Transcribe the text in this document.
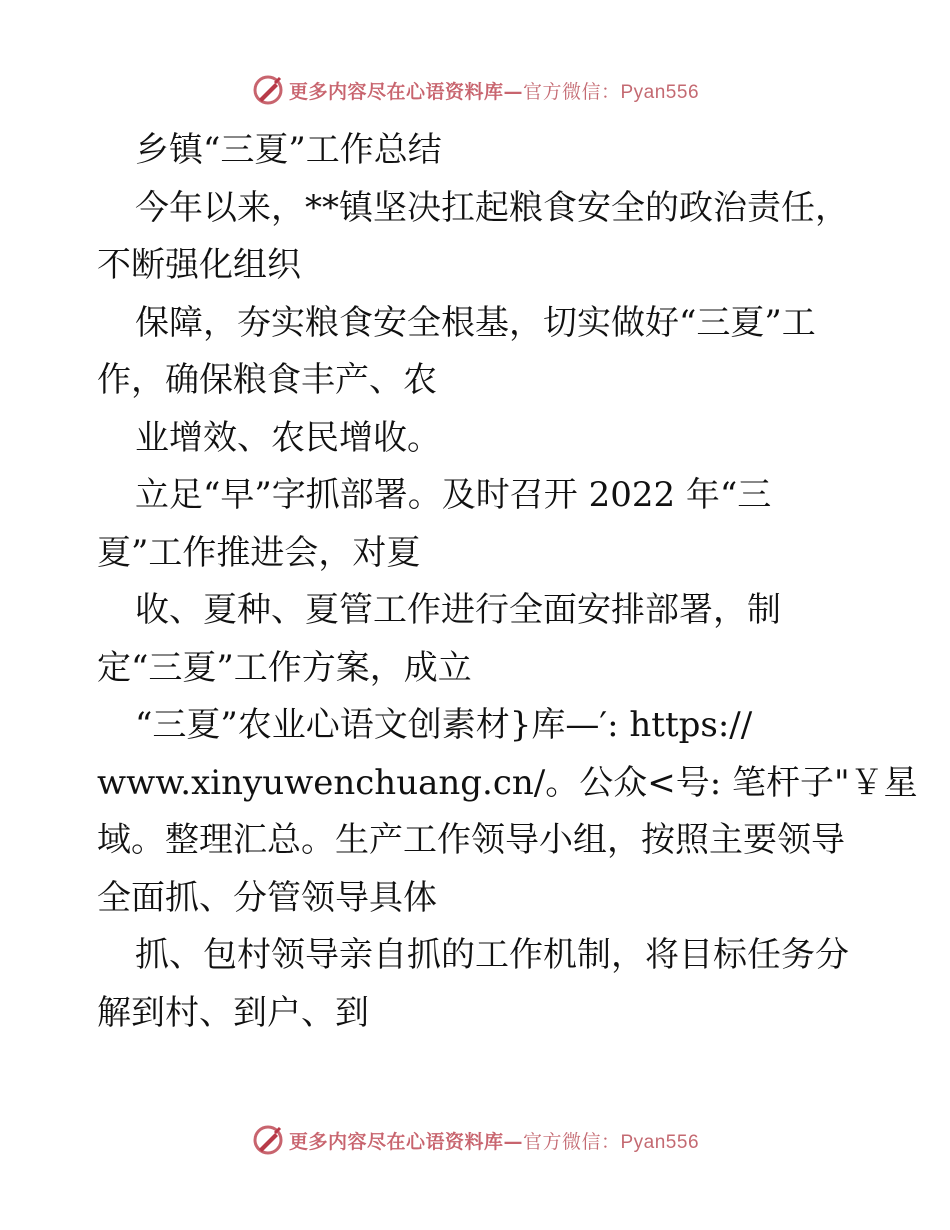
更多内容尽在心语资料库—官方微信：Pyan556
乡镇“三夏”工作总结
今年以来，**镇坚决扛起粮食安全的政治责任，
不断强化组织
保障，夯实粮食安全根基，切实做好“三夏”工
作，确保粮食丰产、农
业增效、农民增收。
立足“早”字抓部署。及时召开 2022 年“三
夏”工作推进会，对夏
收、夏种、夏管工作进行全面安排部署，制
定“三夏”工作方案，成立
“三夏”农业心语文创素材}库—′: https://
www.xinyuwenchuang.cn/。公众<号: 笔杆子"￥星
域。整理汇总。生产工作领导小组，按照主要领导
全面抓、分管领导具体
抓、包村领导亲自抓的工作机制，将目标任务分
解到村、到户、到
更多内容尽在心语资料库—官方微信：Pyan556
